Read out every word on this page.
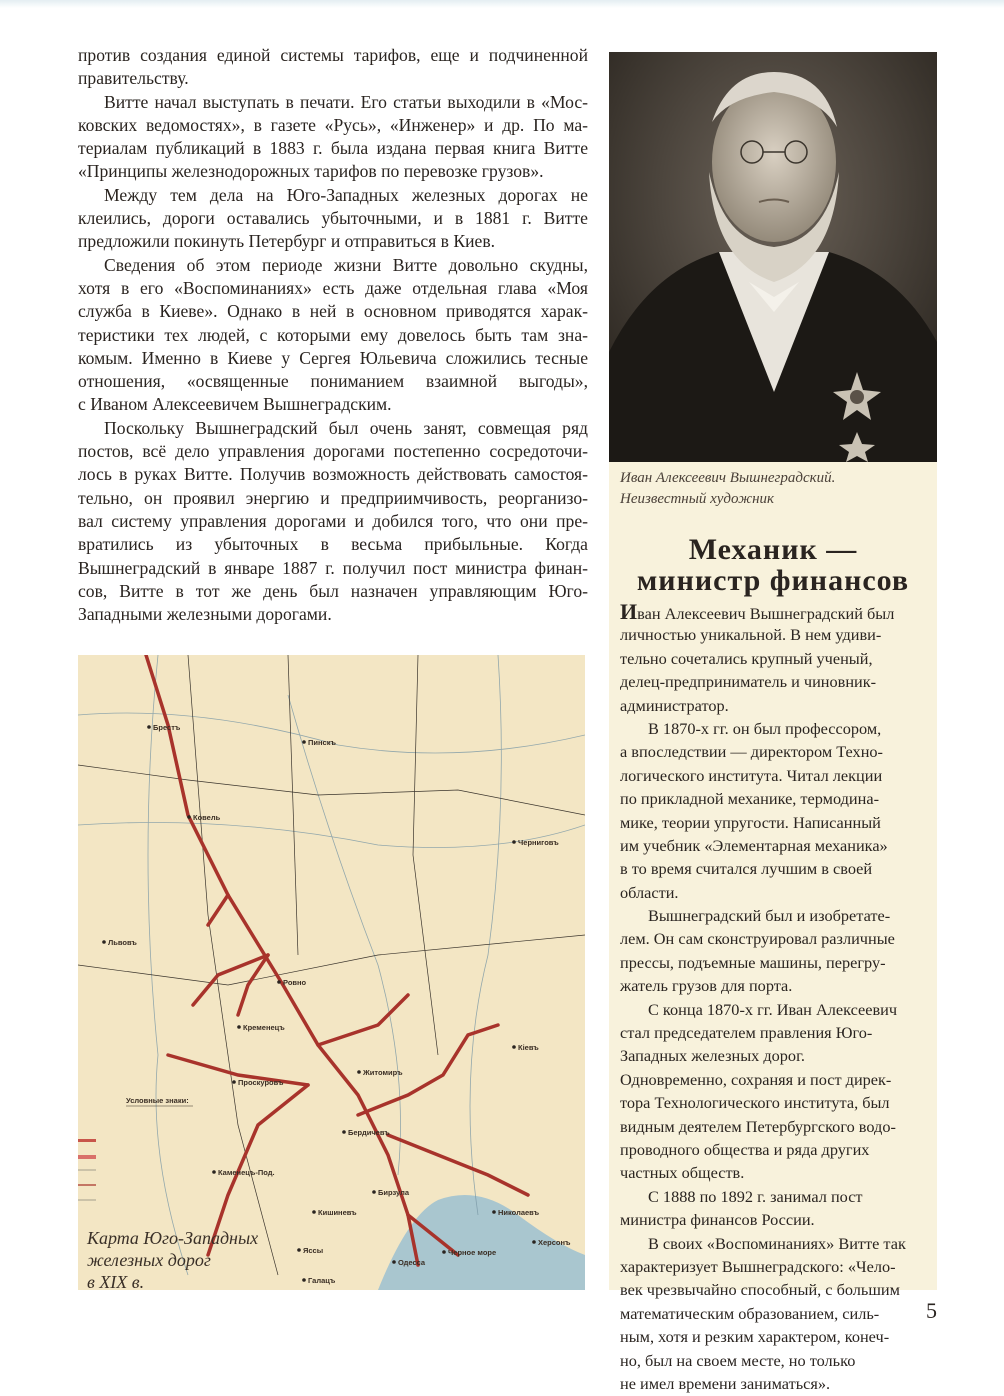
против создания единой системы тарифов, еще и подчиненной
правительству.
Витте начал выступать в печати. Его статьи выходили в «Мос-
ковских ведомостях», в газете «Русь», «Инженер» и др. По ма-
териалам публикаций в 1883 г. была издана первая книга Витте
«Принципы железнодорожных тарифов по перевозке грузов».
Между тем дела на Юго-Западных железных дорогах не
клеились, дороги оставались убыточными, и в 1881 г. Витте
предложили покинуть Петербург и отправиться в Киев.
Сведения об этом периоде жизни Витте довольно скудны,
хотя в его «Воспоминаниях» есть даже отдельная глава «Моя
служба в Киеве». Однако в ней в основном приводятся харак-
теристики тех людей, с которыми ему довелось быть там зна-
комым. Именно в Киеве у Сергея Юльевича сложились тесные
отношения, «освященные пониманием взаимной выгоды»,
с Иваном Алексеевичем Вышнеградским.
Поскольку Вышнеградский был очень занят, совмещая ряд
постов, всё дело управления дорогами постепенно сосредоточи-
лось в руках Витте. Получив возможность действовать самостоя-
тельно, он проявил энергию и предприимчивость, реорганизо-
вал систему управления дорогами и добился того, что они пре-
вратились из убыточных в весьма прибыльные. Когда
Вышнеградский в январе 1887 г. получил пост министра финан-
сов, Витте в тот же день был назначен управляющим Юго-
Западными железными дорогами.
Иван Алексеевич Вышнеградский.
Неизвестный художник
Механик —
министр финансов
Иван Алексеевич Вышнеградский был
личностью уникальной. В нем удиви-
тельно сочетались крупный ученый,
делец-предприниматель и чиновник-
администратор.
В 1870-х гг. он был профессором,
а впоследствии — директором Техно-
логического института. Читал лекции
по прикладной механике, термодина-
мике, теории упругости. Написанный
им учебник «Элементарная механика»
в то время считался лучшим в своей
области.
Вышнеградский был и изобретате-
лем. Он сам сконструировал различные
прессы, подъемные машины, перегру-
жатель грузов для порта.
С конца 1870-х гг. Иван Алексеевич
стал председателем правления Юго-
Западных железных дорог.
Одновременно, сохраняя и пост дирек-
тора Технологического института, был
видным деятелем Петербургского водо-
проводного общества и ряда других
частных обществ.
С 1888 по 1892 г. занимал пост
министра финансов России.
В своих «Воспоминаниях» Витте так
характеризует Вышнеградского: «Чело-
век чрезвычайно способный, с большим
математическим образованием, силь-
ным, хотя и резким характером, конеч-
но, был на своем месте, но только
не имел времени заниматься».
Брестъ
Ковель
Пинскъ
Ровно
Кременецъ
Житомиръ
Кіевъ
Черниговъ
Львовъ
Бердичевъ
Проскуровъ
Каменецъ-Под.
Бирзула
Яссы
Кишиневъ	Николаевъ
Херсонъ
Одесса
Черное море
Галацъ
Условные знаки:
Карта Юго-Западных
железных дорог
в XIX в.
5
